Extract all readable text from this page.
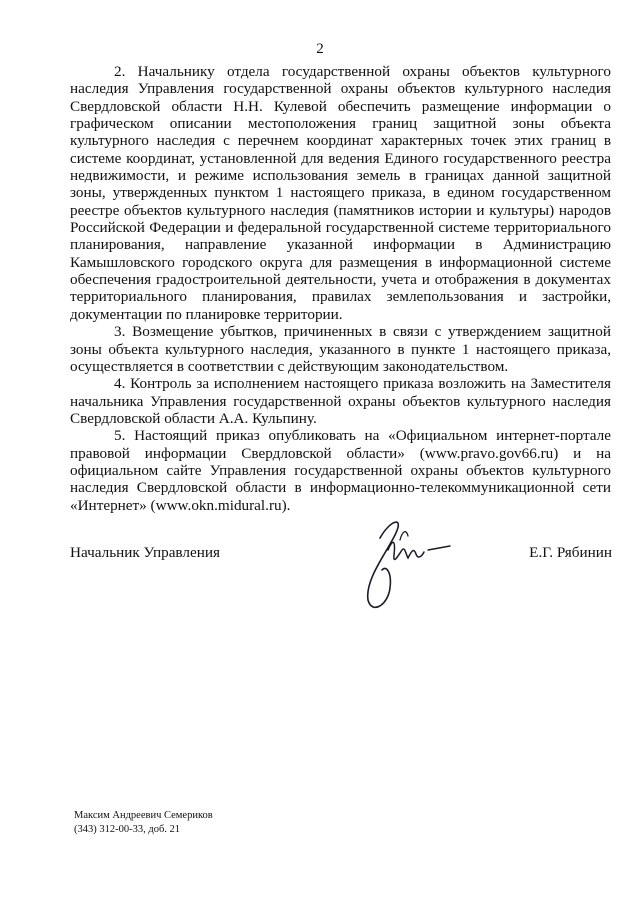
2

2. Начальнику отдела государственной охраны объектов культурного наследия Управления государственной охраны объектов культурного наследия Свердловской области Н.Н. Кулевой обеспечить размещение информации о графическом описании местоположения границ защитной зоны объекта культурного наследия с перечнем координат характерных точек этих границ в системе координат, установленной для ведения Единого государственного реестра недвижимости, и режиме использования земель в границах данной защитной зоны, утвержденных пунктом 1 настоящего приказа, в едином государственном реестре объектов культурного наследия (памятников истории и культуры) народов Российской Федерации и федеральной государственной системе территориального планирования, направление указанной информации в Администрацию Камышловского городского округа для размещения в информационной системе обеспечения градостроительной деятельности, учета и отображения в документах территориального планирования, правилах землепользования и застройки, документации по планировке территории.

3. Возмещение убытков, причиненных в связи с утверждением защитной зоны объекта культурного наследия, указанного в пункте 1 настоящего приказа, осуществляется в соответствии с действующим законодательством.

4. Контроль за исполнением настоящего приказа возложить на Заместителя начальника Управления государственной охраны объектов культурного наследия Свердловской области А.А. Кульпину.

5. Настоящий приказ опубликовать на «Официальном интернет-портале правовой информации Свердловской области» (www.pravo.gov66.ru) и на официальном сайте Управления государственной охраны объектов культурного наследия Свердловской области в информационно-телекоммуникационной сети «Интернет» (www.okn.midural.ru).

Начальник Управления	Е.Г. Рябинин
Максим Андреевич Семериков
(343) 312-00-33, доб. 21
